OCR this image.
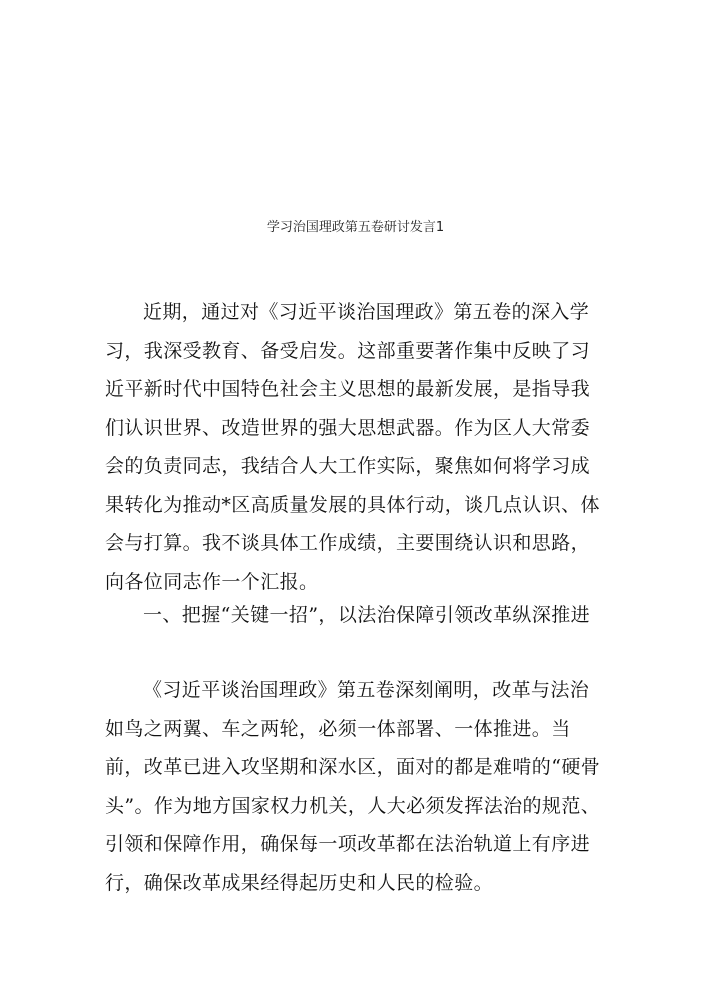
学习治国理政第五卷研讨发言1

近期，通过对《习近平谈治国理政》第五卷的深入学习，我深受教育、备受启发。这部重要著作集中反映了习近平新时代中国特色社会主义思想的最新发展，是指导我们认识世界、改造世界的强大思想武器。作为区人大常委会的负责同志，我结合人大工作实际，聚焦如何将学习成果转化为推动*区高质量发展的具体行动，谈几点认识、体会与打算。我不谈具体工作成绩，主要围绕认识和思路，向各位同志作一个汇报。

一、把握“关键一招”，以法治保障引领改革纵深推进

《习近平谈治国理政》第五卷深刻阐明，改革与法治如鸟之两翼、车之两轮，必须一体部署、一体推进。当前，改革已进入攻坚期和深水区，面对的都是难啃的“硬骨头”。作为地方国家权力机关，人大必须发挥法治的规范、引领和保障作用，确保每一项改革都在法治轨道上有序进行，确保改革成果经得起历史和人民的检验。
